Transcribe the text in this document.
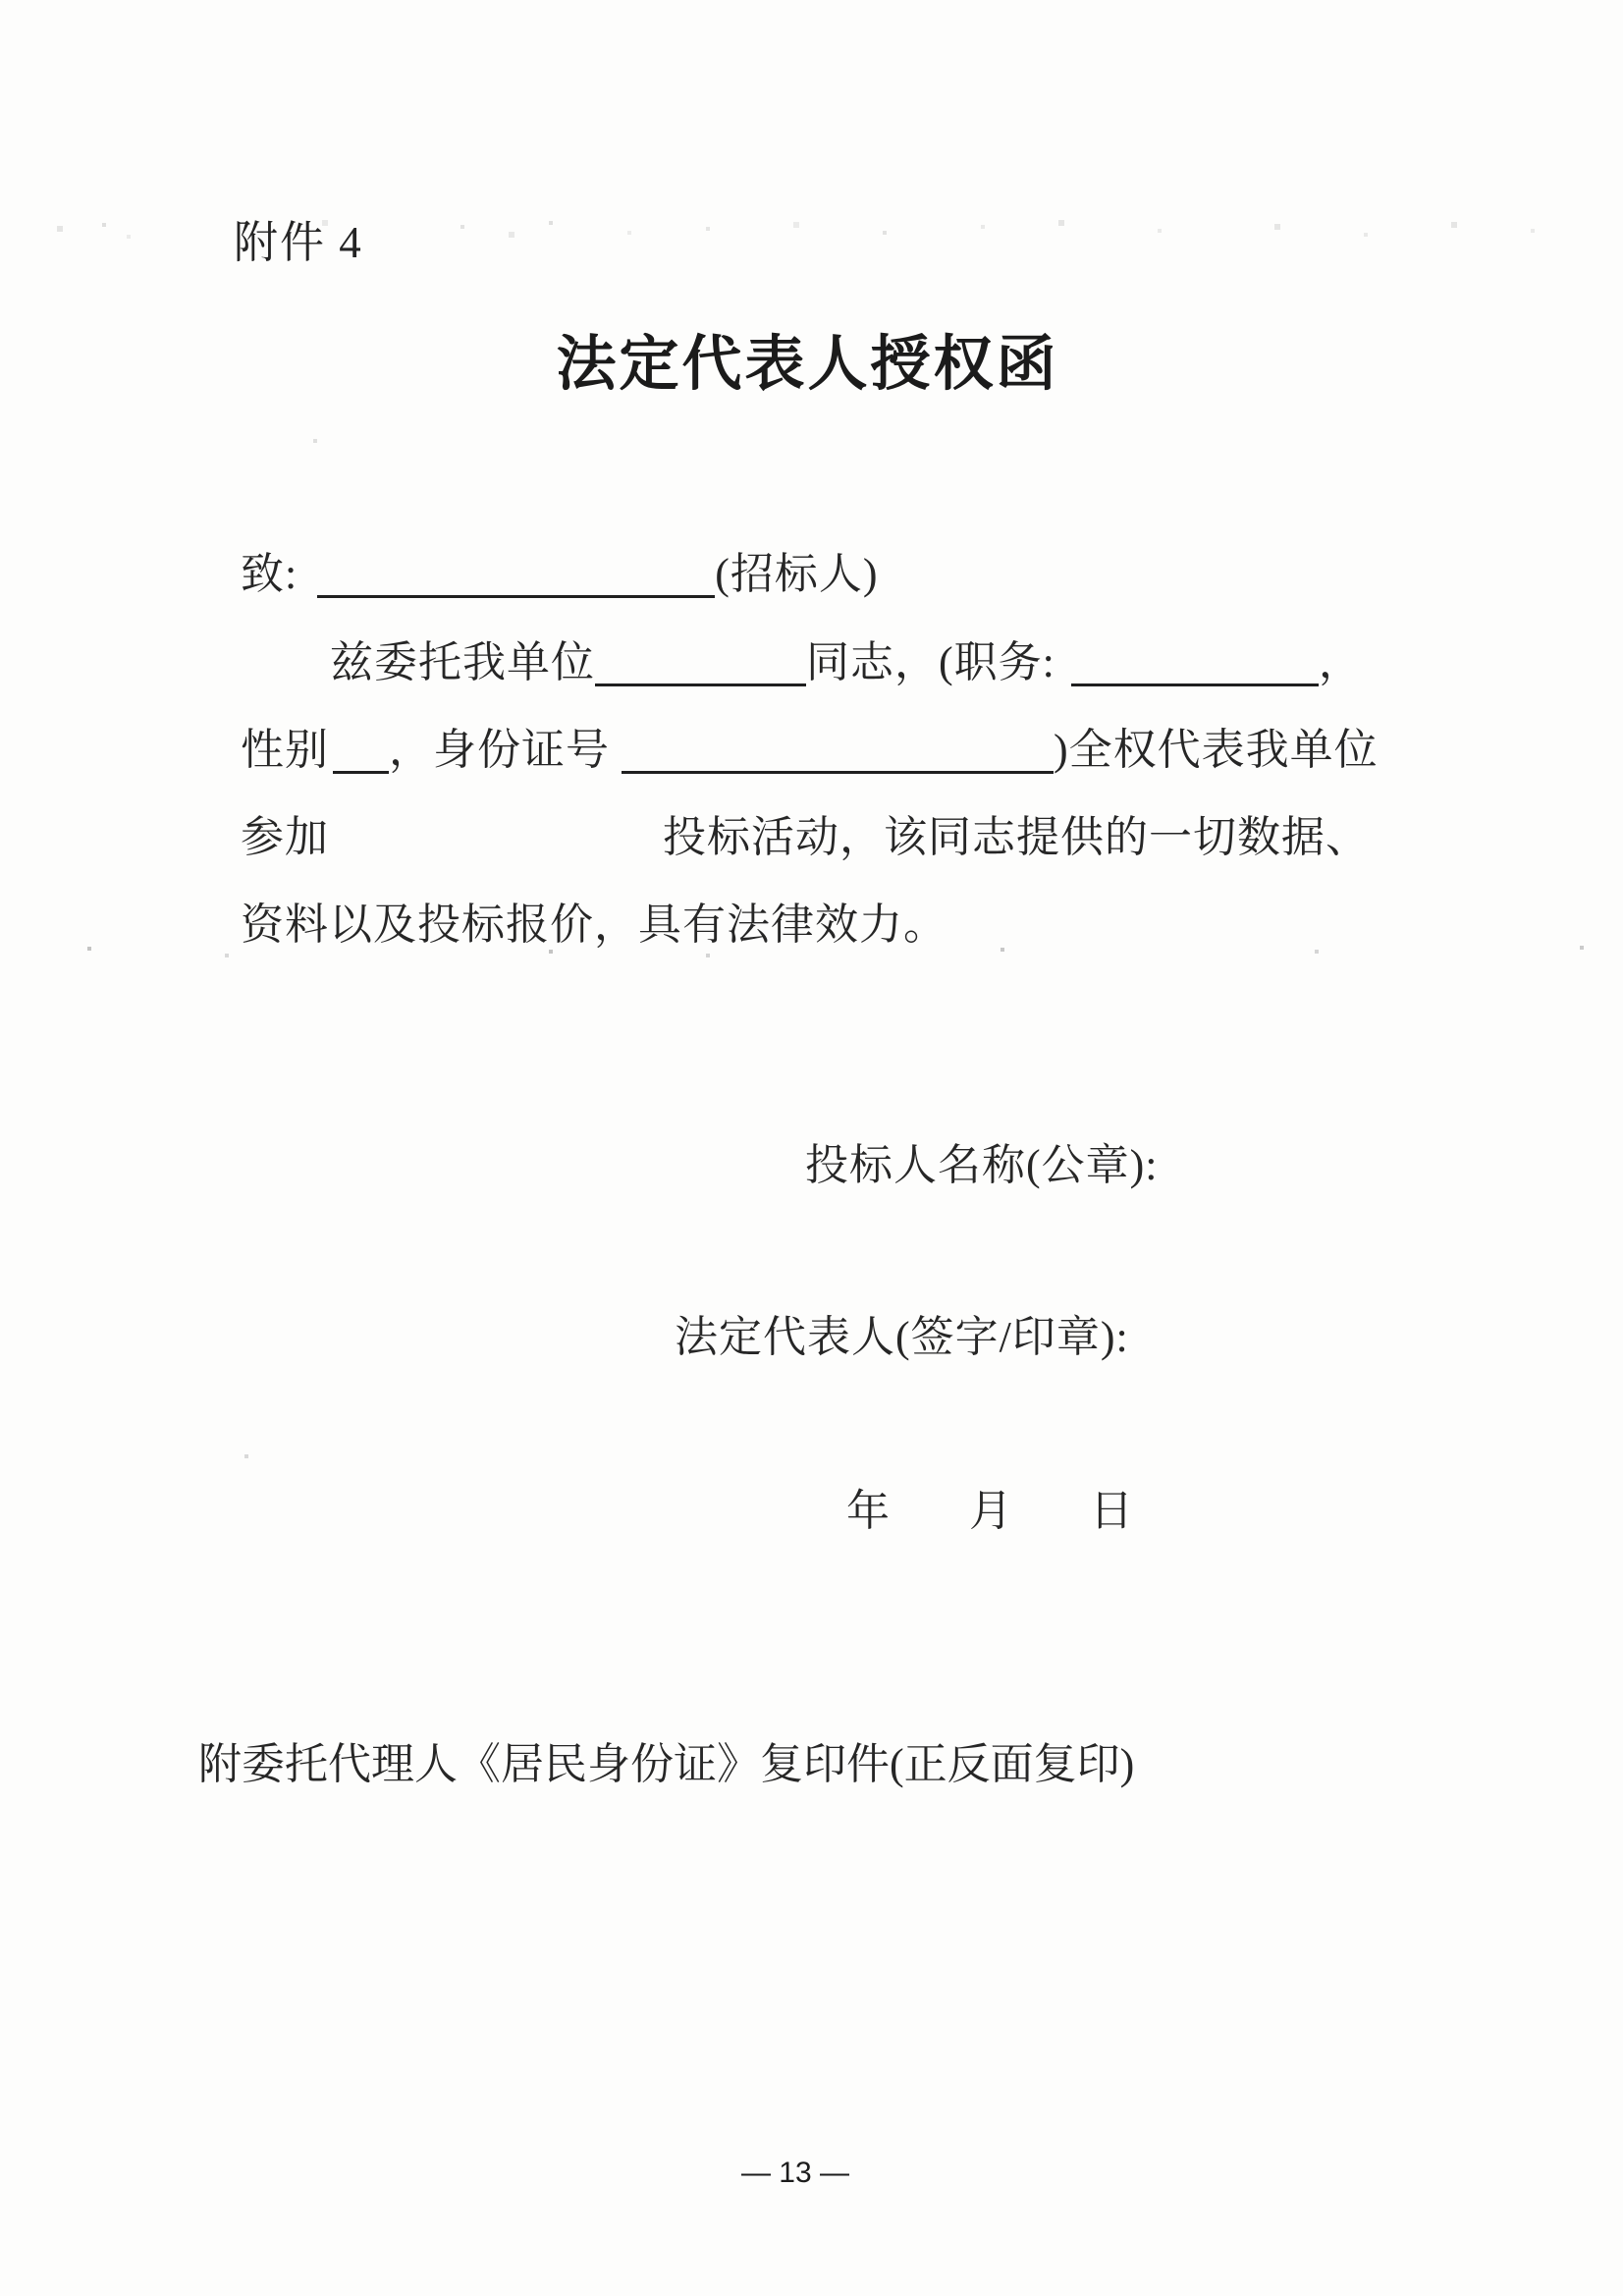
附件 4
法定代表人授权函
致:	(招标人)
兹委托我单位	同志，(职务:	，
性别 ，身份证号	)全权代表我单位
参加	投标活动，该同志提供的一切数据、
资料以及投标报价，具有法律效力。
投标人名称(公章):
法定代表人(签字/印章):
年 月 日
附委托代理人《居民身份证》复印件(正反面复印)
— 13 —
